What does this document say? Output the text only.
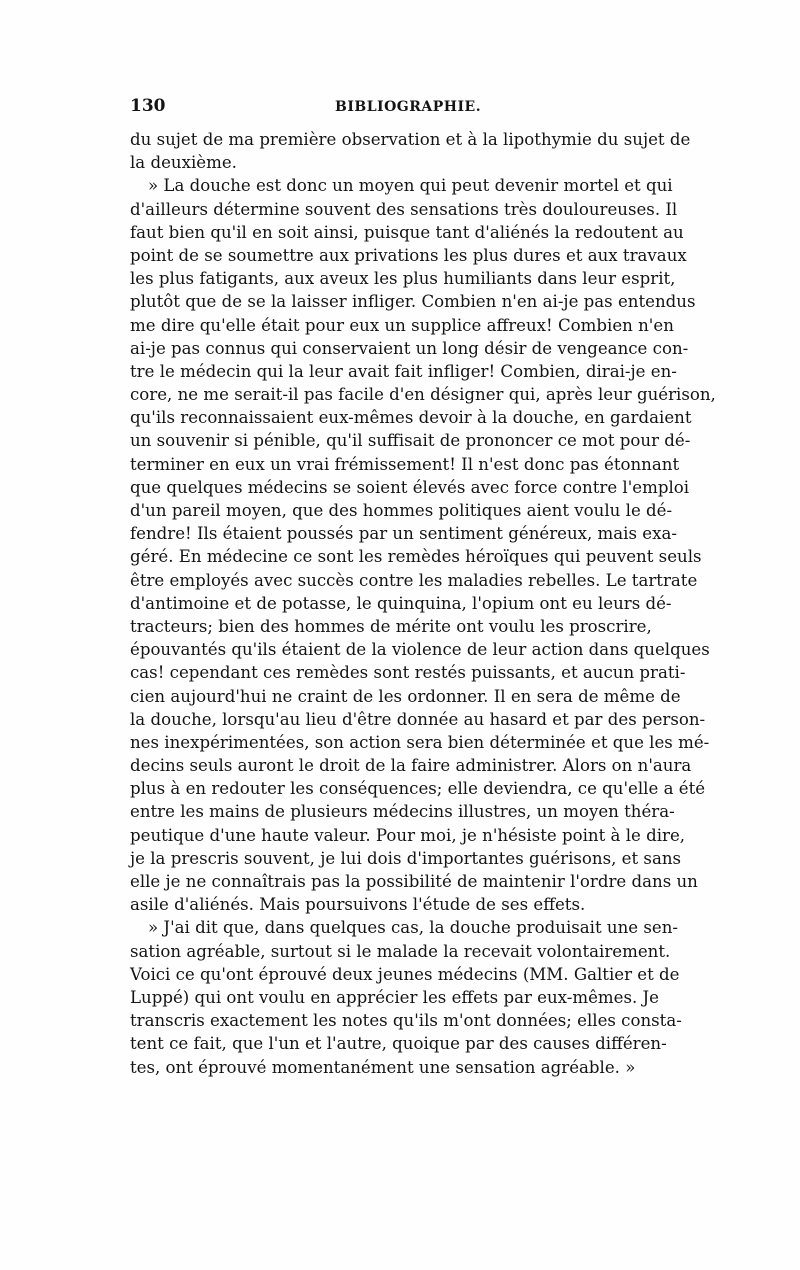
130	BIBLIOGRAPHIE.
du sujet de ma première observation et à la lipothymie du sujet de
la deuxième.
» La douche est donc un moyen qui peut devenir mortel et qui
d'ailleurs détermine souvent des sensations très douloureuses. Il
faut bien qu'il en soit ainsi, puisque tant d'aliénés la redoutent au
point de se soumettre aux privations les plus dures et aux travaux
les plus fatigants, aux aveux les plus humiliants dans leur esprit,
plutôt que de se la laisser infliger. Combien n'en ai-je pas entendus
me dire qu'elle était pour eux un supplice affreux! Combien n'en
ai-je pas connus qui conservaient un long désir de vengeance con-
tre le médecin qui la leur avait fait infliger! Combien, dirai-je en-
core, ne me serait-il pas facile d'en désigner qui, après leur guérison,
qu'ils reconnaissaient eux-mêmes devoir à la douche, en gardaient
un souvenir si pénible, qu'il suffisait de prononcer ce mot pour dé-
terminer en eux un vrai frémissement! Il n'est donc pas étonnant
que quelques médecins se soient élevés avec force contre l'emploi
d'un pareil moyen, que des hommes politiques aient voulu le dé-
fendre! Ils étaient poussés par un sentiment généreux, mais exa-
géré. En médecine ce sont les remèdes héroïques qui peuvent seuls
être employés avec succès contre les maladies rebelles. Le tartrate
d'antimoine et de potasse, le quinquina, l'opium ont eu leurs dé-
tracteurs; bien des hommes de mérite ont voulu les proscrire,
épouvantés qu'ils étaient de la violence de leur action dans quelques
cas! cependant ces remèdes sont restés puissants, et aucun prati-
cien aujourd'hui ne craint de les ordonner. Il en sera de même de
la douche, lorsqu'au lieu d'être donnée au hasard et par des person-
nes inexpérimentées, son action sera bien déterminée et que les mé-
decins seuls auront le droit de la faire administrer. Alors on n'aura
plus à en redouter les conséquences; elle deviendra, ce qu'elle a été
entre les mains de plusieurs médecins illustres, un moyen théra-
peutique d'une haute valeur. Pour moi, je n'hésiste point à le dire,
je la prescris souvent, je lui dois d'importantes guérisons, et sans
elle je ne connaîtrais pas la possibilité de maintenir l'ordre dans un
asile d'aliénés. Mais poursuivons l'étude de ses effets.
» J'ai dit que, dans quelques cas, la douche produisait une sen-
sation agréable, surtout si le malade la recevait volontairement.
Voici ce qu'ont éprouvé deux jeunes médecins (MM. Galtier et de
Luppé) qui ont voulu en apprécier les effets par eux-mêmes. Je
transcris exactement les notes qu'ils m'ont données; elles consta-
tent ce fait, que l'un et l'autre, quoique par des causes différen-
tes, ont éprouvé momentanément une sensation agréable. »
